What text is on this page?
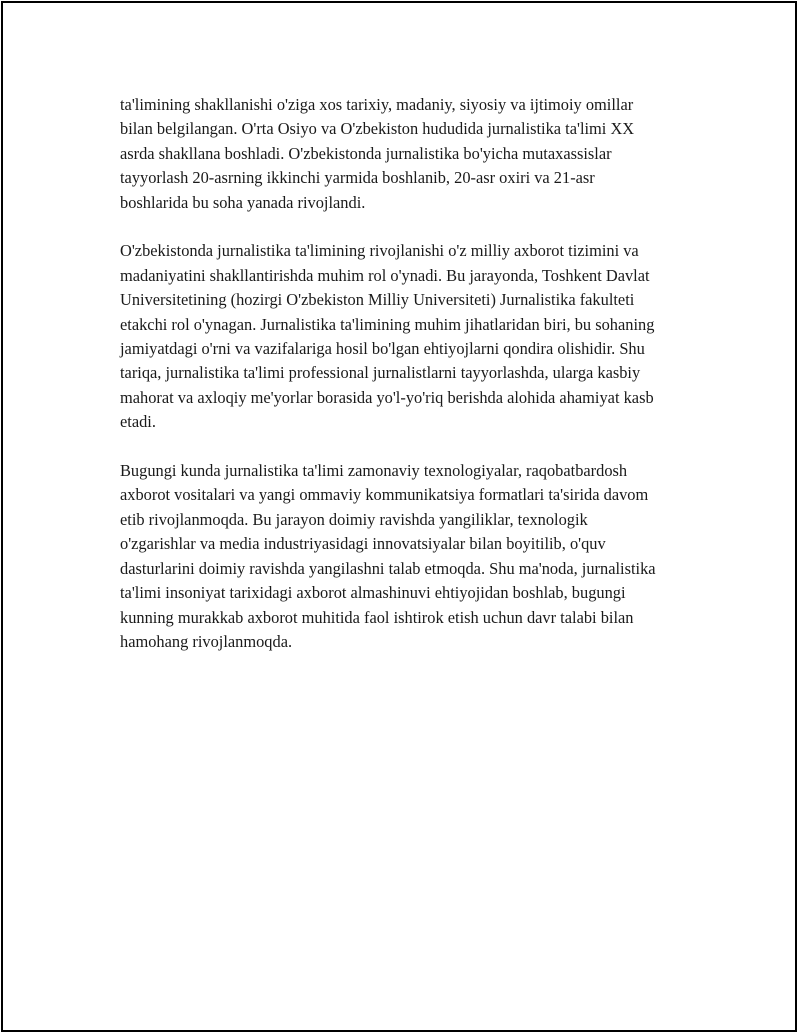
ta'limining shakllanishi o'ziga xos tarixiy, madaniy, siyosiy va ijtimoiy omillar bilan belgilangan. O'rta Osiyo va O'zbekiston hududida jurnalistika ta'limi XX asrda shakllana boshladi. O'zbekistonda jurnalistika bo'yicha mutaxassislar tayyorlash 20-asrning ikkinchi yarmida boshlanib, 20-asr oxiri va 21-asr boshlarida bu soha yanada rivojlandi.

O'zbekistonda jurnalistika ta'limining rivojlanishi o'z milliy axborot tizimini va madaniyatini shakllantirishda muhim rol o'ynadi. Bu jarayonda, Toshkent Davlat Universitetining (hozirgi O'zbekiston Milliy Universiteti) Jurnalistika fakulteti etakchi rol o'ynagan. Jurnalistika ta'limining muhim jihatlaridan biri, bu sohaning jamiyatdagi o'rni va vazifalariga hosil bo'lgan ehtiyojlarni qondira olishidir. Shu tariqa, jurnalistika ta'limi professional jurnalistlarni tayyorlashda, ularga kasbiy mahorat va axloqiy me'yorlar borasida yo'l-yo'riq berishda alohida ahamiyat kasb etadi.

Bugungi kunda jurnalistika ta'limi zamonaviy texnologiyalar, raqobatbardosh axborot vositalari va yangi ommaviy kommunikatsiya formatlari ta'sirida davom etib rivojlanmoqda. Bu jarayon doimiy ravishda yangiliklar, texnologik o'zgarishlar va media industriyasidagi innovatsiyalar bilan boyitilib, o'quv dasturlarini doimiy ravishda yangilashni talab etmoqda. Shu ma'noda, jurnalistika ta'limi insoniyat tarixidagi axborot almashinuvi ehtiyojidan boshlab, bugungi kunning murakkab axborot muhitida faol ishtirok etish uchun davr talabi bilan hamohang rivojlanmoqda.
